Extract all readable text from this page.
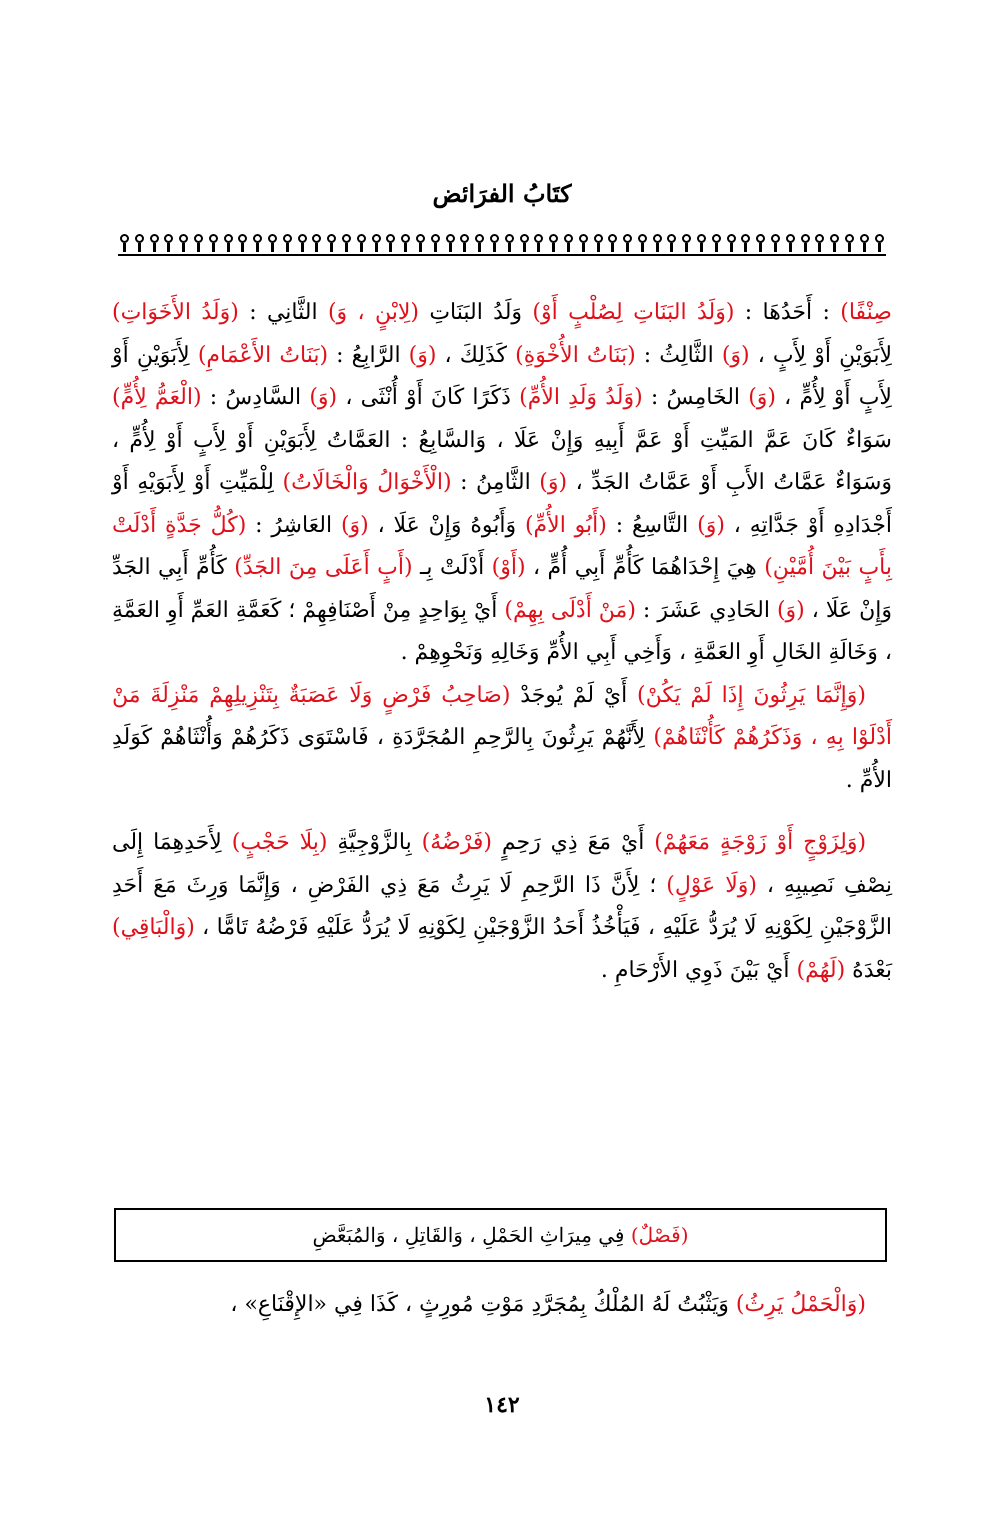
كتَابُ الفرَائض

صِنْفًا) : أَحَدُهَا : (وَلَدُ البَنَاتِ لِصُلْبٍ أَوْ) وَلَدُ البَنَاتِ (لِابْنٍ ، وَ) الثَّانِي : (وَلَدُ الأَخَوَاتِ) لِأَبَوَيْنِ أَوْ لِأَبٍ ، (وَ) الثَّالِثُ : (بَنَاتُ الأُخْوَةِ) كَذَلِكَ ، (وَ) الرَّابِعُ : (بَنَاتُ الأَعْمَامِ) لِأَبَوَيْنِ أَوْ لِأَبٍ أَوْ لِأُمٍّ ، (وَ) الخَامِسُ : (وَلَدُ وَلَدِ الأُمِّ) ذَكَرًا كَانَ أَوْ أُنْثَى ، (وَ) السَّادِسُ : (الْعَمُّ لِأُمٍّ) سَوَاءٌ كَانَ عَمَّ المَيِّتِ أَوْ عَمَّ أَبِيهِ وَإِنْ عَلَا ، وَالسَّابِعُ : العَمَّاتُ لِأَبَوَيْنِ أَوْ لِأَبٍ أَوْ لِأُمٍّ ، وَسَوَاءٌ عَمَّاتُ الأَبِ أَوْ عَمَّاتُ الجَدِّ ، (وَ) الثَّامِنُ : (الْأَخْوَالُ وَالْخَالَاتُ) لِلْمَيِّتِ أَوْ لِأَبَوَيْهِ أَوْ أَجْدَادِهِ أَوْ جَدَّاتِهِ ، (وَ) التَّاسِعُ : (أَبُو الأُمِّ) وَأَبُوهُ وَإِنْ عَلَا ، (وَ) العَاشِرُ : (كُلُّ جَدَّةٍ أَدْلَتْ بِأَبٍ بَيْنَ أُمَّيْنِ) هِيَ إِحْدَاهُمَا كَأُمِّ أَبِي أُمٍّ ، (أَوْ) أَدْلَتْ بِـ (أَبٍ أَعَلَى مِنَ الجَدِّ) كَأُمِّ أَبِي الجَدِّ وَإِنْ عَلَا ، (وَ) الحَادِي عَشَرَ : (مَنْ أَدْلَى بِهِمْ) أَيْ بِوَاحِدٍ مِنْ أَصْنَافِهِمْ ؛ كَعَمَّةِ العَمِّ أَوِ العَمَّةِ ، وَخَالَةِ الخَالِ أَوِ العَمَّةِ ، وَأَخِي أَبِي الأُمِّ وَخَالِهِ وَنَحْوِهِمْ .

(وَإِنَّمَا يَرِثُونَ إِذَا لَمْ يَكُنْ) أَيْ لَمْ يُوجَدْ (صَاحِبُ فَرْضٍ وَلَا عَصَبَةٌ بِتَنْزِيلِهِمْ مَنْزِلَةَ مَنْ أَدْلَوْا بِهِ ، وَذَكَرُهُمْ كَأُنْثَاهُمْ) لِأَنَّهُمْ يَرِثُونَ بِالرَّحِمِ المُجَرَّدَةِ ، فَاسْتَوَى ذَكَرُهُمْ وَأُنْثَاهُمْ كَوَلَدِ الأُمِّ .

(وَلِزَوْجٍ أَوْ زَوْجَةٍ مَعَهُمْ) أَيْ مَعَ ذِي رَحِمٍ (فَرْضُهُ) بِالزَّوْجِيَّةِ (بِلَا حَجْبٍ) لِأَحَدِهِمَا إِلَى نِصْفِ نَصِيبِهِ ، (وَلَا عَوْلٍ) ؛ لِأَنَّ ذَا الرَّحِمِ لَا يَرِثُ مَعَ ذِي الفَرْضِ ، وَإِنَّمَا وَرِثَ مَعَ أَحَدِ الزَّوْجَيْنِ لِكَوْنِهِ لَا يُرَدُّ عَلَيْهِ ، فَيَأْخُذُ أَحَدُ الزَّوْجَيْنِ لِكَوْنِهِ لَا يُرَدُّ عَلَيْهِ فَرْضُهُ تَامًّا ، (وَالْبَاقِي) بَعْدَهُ (لَهُمْ) أَيْ بَيْنَ ذَوِي الأَرْحَامِ .

(فَصْلٌ) فِي مِيرَاثِ الحَمْلِ ، وَالقَاتِلِ ، وَالمُبَعَّضِ

(وَالْحَمْلُ يَرِثُ) وَيَثْبُتُ لَهُ المُلْكُ بِمُجَرَّدِ مَوْتِ مُورِثٍ ، كَذَا فِي «الإِقْنَاعِ» ،

١٤٢
